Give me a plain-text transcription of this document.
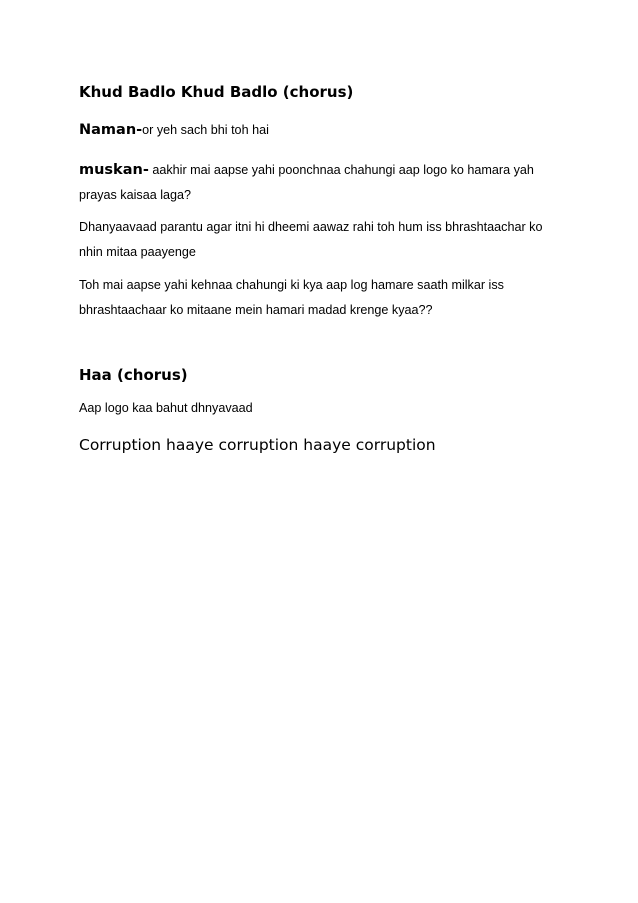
Khud Badlo Khud Badlo (chorus)

Naman-or yeh sach bhi toh hai

muskan- aakhir mai aapse yahi poonchnaa chahungi aap logo ko hamara yah prayas kaisaa laga?

Dhanyaavaad parantu agar itni hi dheemi aawaz rahi toh hum iss bhrashtaachar ko nhin mitaa paayenge

Toh mai aapse yahi kehnaa chahungi ki kya aap log hamare saath milkar iss bhrashtaachaar ko mitaane mein hamari madad krenge kyaa??

Haa (chorus)

Aap logo kaa bahut dhnyavaad

Corruption haaye corruption haaye corruption
